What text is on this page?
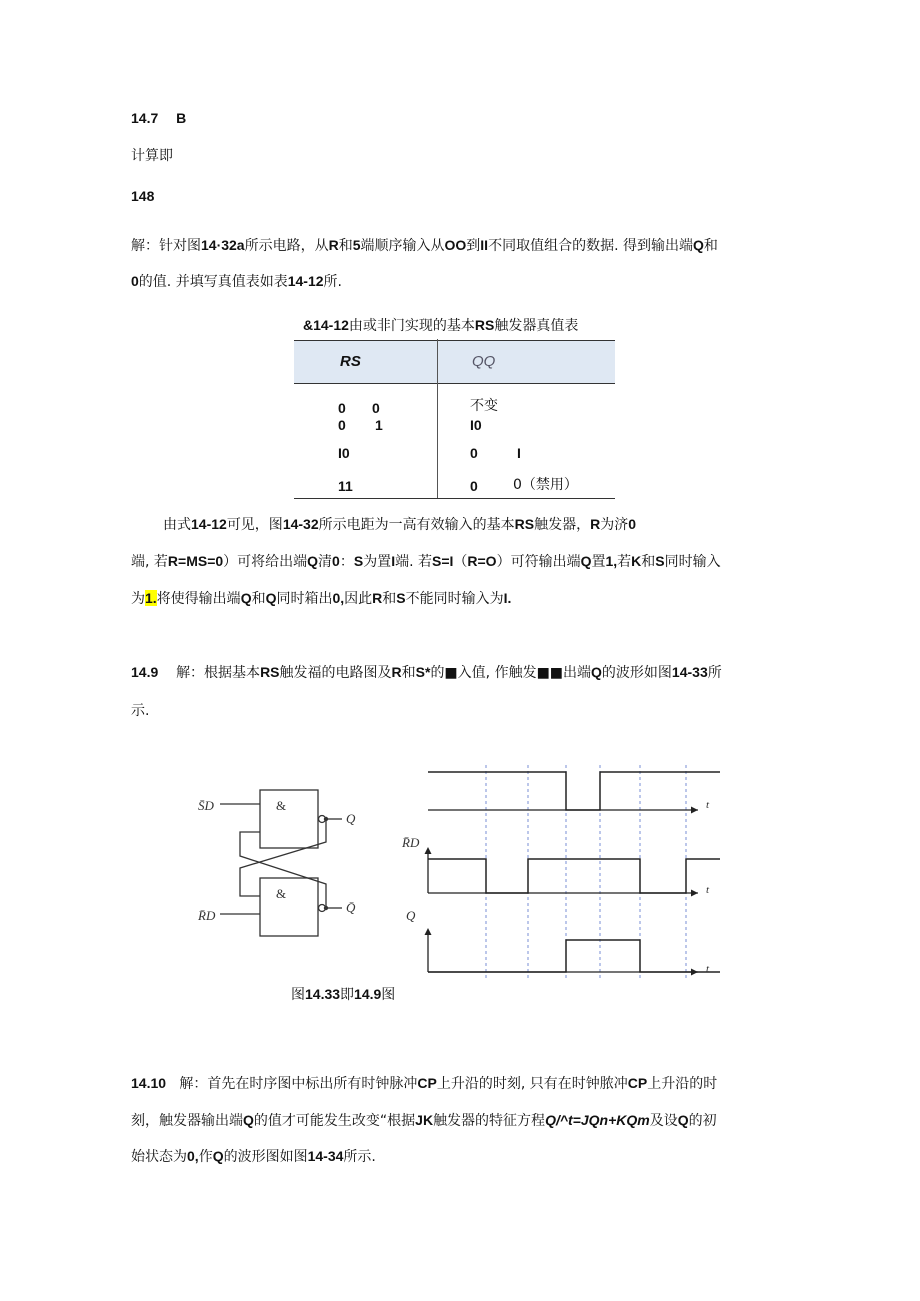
14.7 B
计算即
148
解：针对图14·32a所示电路，从R和5端顺序输入从OO到II不同取值组合的数据. 得到输出端Q和
0的值. 并填写真值表如表14-12所.
&14-12由或非门实现的基本RS触发器真值表
RS	QQ
0 0	不变
0 1	I0
I0	0	I
11	0	0（禁用）
由式14-12可见，图14-32所示电距为一高有效输入的基本RS触发器，R为济0
端, 若R=MS=0）可将给出端Q清0：S为置I端. 若S=I（R=O）可符输出端Q置1,若K和S同时输入
为1.将使得输出端Q和Q同时箱出0,因此R和S不能同时输入为I.
14.9 解：根据基本RS触发福的电路图及R和S*的■入值, 作触发■■出端Q的波形如图14-33所
示.
&
&
S̄D
R̄D
Q
Q̄
R̄D
Q
t
t
t
图14.33即14.9图
14.10 解：首先在时序图中标出所有时钟脉冲CP上升沿的时刻, 只有在时钟脓冲CP上升沿的时
刻，触发器输出端Q的值才可能发生改变“根据JK触发器的特征方程Q/^t=JQn+KQm及设Q的初
始状态为0,作Q的波形图如图14-34所示.
